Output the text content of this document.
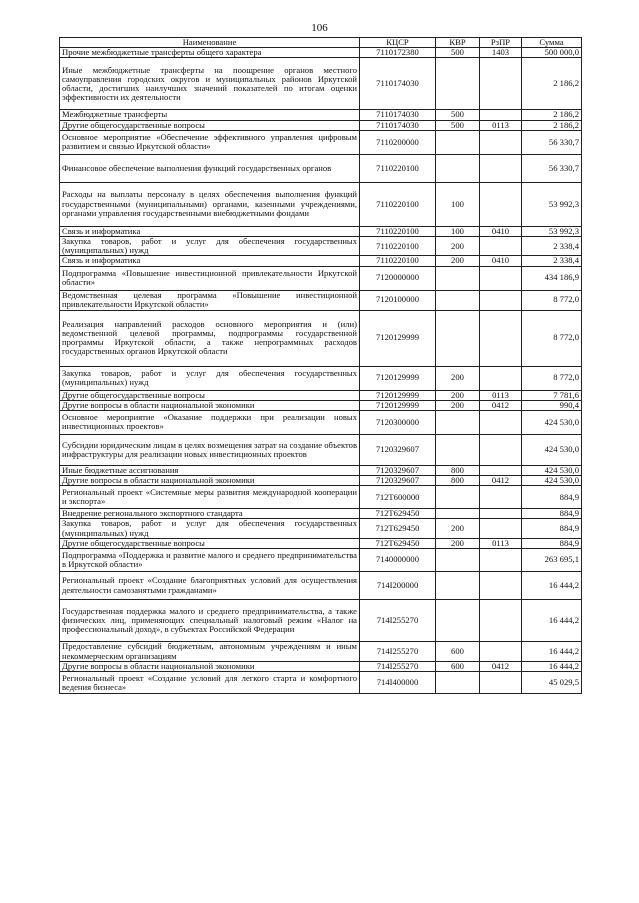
106
Наименование	КЦСР	КВР	РзПР	Сумма
Прочие межбюджетные трансферты общего характера	7110172380	500	1403	500 000,0
Иные межбюджетные трансферты на поощрение органов местного самоуправления городских округов и муниципальных районов Иркутской области, достигших наилучших значений показателей по итогам оценки эффективности их деятельности	7110174030			2 186,2
Межбюджетные трансферты	7110174030	500		2 186,2
Другие общегосударственные вопросы	7110174030	500	0113	2 186,2
Основное мероприятие «Обеспечение эффективного управления цифровым развитием и связью Иркутской области»	7110200000			56 330,7
Финансовое обеспечение выполнения функций государственных органов	7110220100			56 330,7
Расходы на выплаты персоналу в целях обеспечения выполнения функций государственными (муниципальными) органами, казенными учреждениями, органами управления государственными внебюджетными фондами	7110220100	100		53 992,3
Связь и информатика	7110220100	100	0410	53 992,3
Закупка товаров, работ и услуг для обеспечения государственных (муниципальных) нужд	7110220100	200		2 338,4
Связь и информатика	7110220100	200	0410	2 338,4
Подпрограмма «Повышение инвестиционной привлекательности Иркутской области»	7120000000			434 186,9
Ведомственная целевая программа «Повышение инвестиционной привлекательности Иркутской области»	7120100000			8 772,0
Реализация направлений расходов основного мероприятия и (или) ведомственной целевой программы, подпрограммы государственной программы Иркутской области, а также непрограммных расходов государственных органов Иркутской области	7120129999			8 772,0
Закупка товаров, работ и услуг для обеспечения государственных (муниципальных) нужд	7120129999	200		8 772,0
Другие общегосударственные вопросы	7120129999	200	0113	7 781,6
Другие вопросы в области национальной экономики	7120129999	200	0412	990,4
Основное мероприятие «Оказание поддержки при реализации новых инвестиционных проектов»	7120300000			424 530,0
Субсидии юридическим лицам в целях возмещения затрат на создание объектов инфраструктуры для реализации новых инвестиционных проектов	7120329607			424 530,0
Иные бюджетные ассигнования	7120329607	800		424 530,0
Другие вопросы в области национальной экономики	7120329607	800	0412	424 530,0
Региональный проект «Системные меры развития международной кооперации и экспорта»	712T600000			884,9
Внедрение регионального экспортного стандарта	712T629450			884,9
Закупка товаров, работ и услуг для обеспечения государственных (муниципальных) нужд	712T629450	200		884,9
Другие общегосударственные вопросы	712T629450	200	0113	884,9
Подпрограмма «Поддержка и развитие малого и среднего предпринимательства в Иркутской области»	7140000000			263 695,1
Региональный проект «Создание благоприятных условий для осуществления деятельности самозанятыми гражданами»	714I200000			16 444,2
Государственная поддержка малого и среднего предпринимательства, а также физических лиц, применяющих специальный налоговый режим «Налог на профессиональный доход», в субъектах Российской Федерации	714I255270			16 444,2
Предоставление субсидий бюджетным, автономным учреждениям и иным некоммерческим организациям	714I255270	600		16 444,2
Другие вопросы в области национальной экономики	714I255270	600	0412	16 444,2
Региональный проект «Создание условий для легкого старта и комфортного ведения бизнеса»	714I400000			45 029,5
